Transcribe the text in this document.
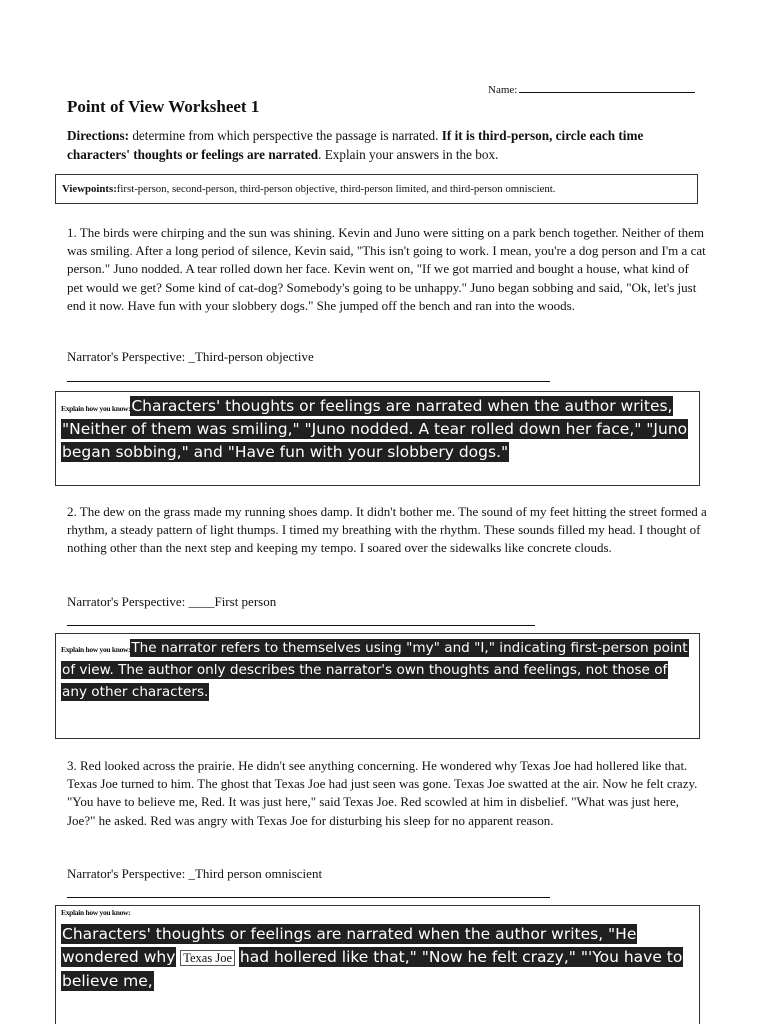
Name:
Point of View Worksheet 1

Directions: determine from which perspective the passage is narrated. If it is third-person, circle each time characters' thoughts or feelings are narrated. Explain your answers in the box.

Viewpoints: first-person, second-person, third-person objective, third-person limited, and third-person omniscient.

1. The birds were chirping and the sun was shining. Kevin and Juno were sitting on a park bench together. Neither of them was smiling. After a long period of silence, Kevin said, "This isn't going to work. I mean, you're a dog person and I'm a cat person." Juno nodded. A tear rolled down her face. Kevin went on, "If we got married and bought a house, what kind of pet would we get? Some kind of cat-dog? Somebody's going to be unhappy." Juno began sobbing and said, "Ok, let's just end it now. Have fun with your slobbery dogs." She jumped off the bench and ran into the woods.

Narrator's Perspective: _Third-person objective
Explain how you know:Characters' thoughts or feelings are narrated when the author writes, "Neither of them was smiling," "Juno nodded. A tear rolled down her face," "Juno began sobbing," and "Have fun with your slobbery dogs."

2. The dew on the grass made my running shoes damp. It didn't bother me. The sound of my feet hitting the street formed a rhythm, a steady pattern of light thumps. I timed my breathing with the rhythm. These sounds filled my head. I thought of nothing other than the next step and keeping my tempo. I soared over the sidewalks like concrete clouds.

Narrator's Perspective: ____First person
Explain how you know:The narrator refers to themselves using "my" and "I," indicating first-person point of view. The author only describes the narrator's own thoughts and feelings, not those of any other characters.

3. Red looked across the prairie. He didn't see anything concerning. He wondered why Texas Joe had hollered like that. Texas Joe turned to him. The ghost that Texas Joe had just seen was gone. Texas Joe swatted at the air. Now he felt crazy. "You have to believe me, Red. It was just here," said Texas Joe. Red scowled at him in disbelief. "What was just here, Joe?" he asked. Red was angry with Texas Joe for disturbing his sleep for no apparent reason.

Narrator's Perspective: _Third person omniscient
Explain how you know:
Characters' thoughts or feelings are narrated when the author writes, "He wondered why Texas Joe had hollered like that," "Now he felt crazy," "'You have to believe me,
